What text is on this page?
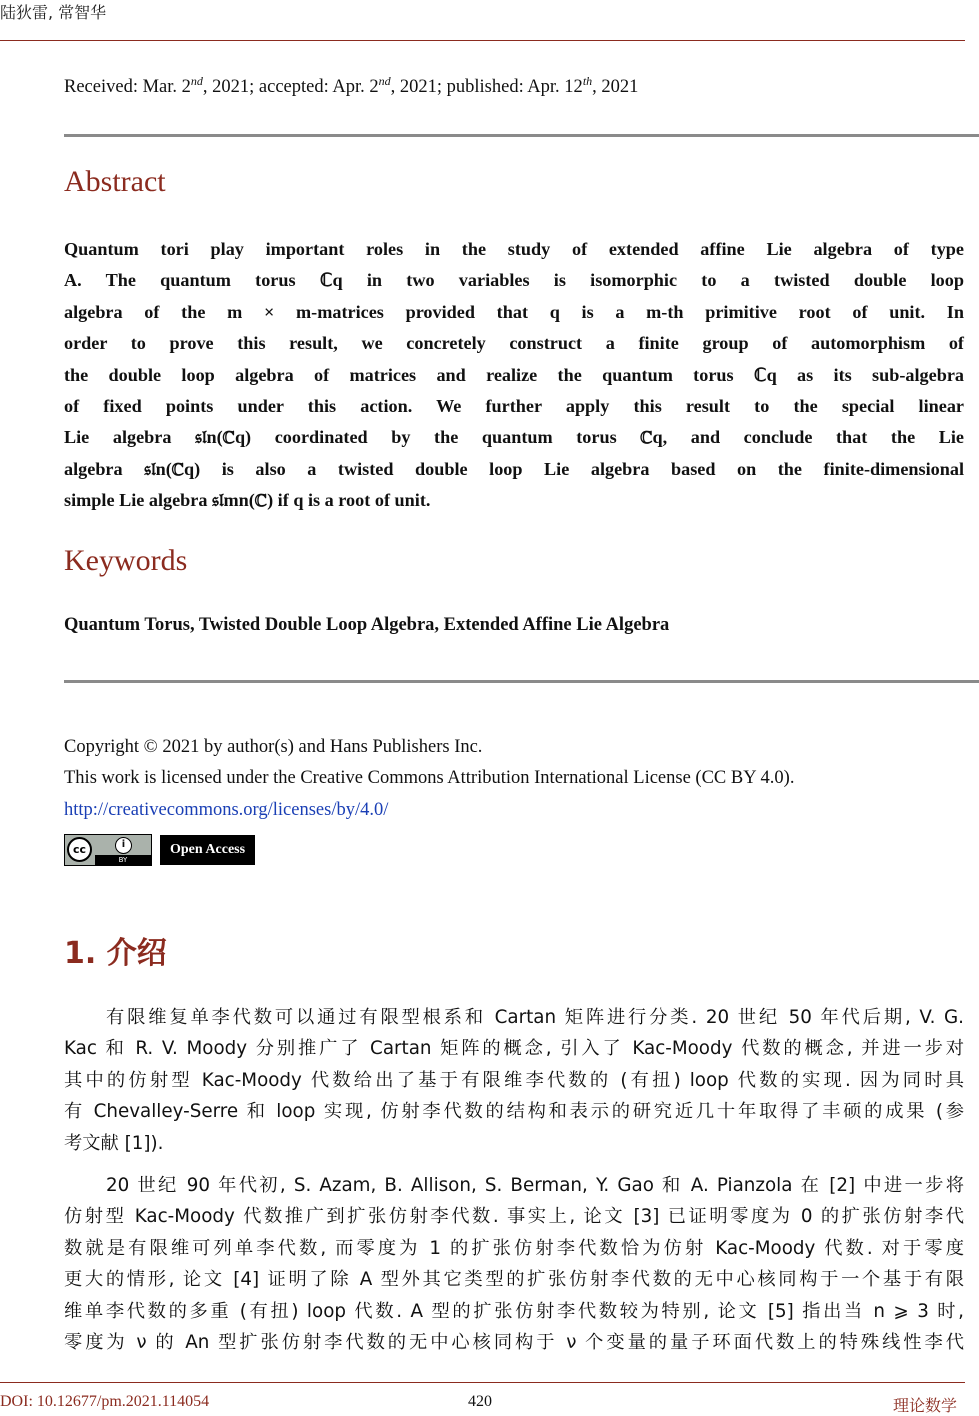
陆狄雷, 常智华
Received: Mar. 2nd, 2021; accepted: Apr. 2nd, 2021; published: Apr. 12th, 2021
Abstract
Quantum tori play important roles in the study of extended affine Lie algebra of type
A. The quantum torus ℂq in two variables is isomorphic to a twisted double loop
algebra of the m × m-matrices provided that q is a m-th primitive root of unit. In
order to prove this result, we concretely construct a finite group of automorphism of
the double loop algebra of matrices and realize the quantum torus ℂq as its sub-algebra
of fixed points under this action. We further apply this result to the special linear
Lie algebra 𝔰𝔩n(ℂq) coordinated by the quantum torus ℂq, and conclude that the Lie
algebra 𝔰𝔩n(ℂq) is also a twisted double loop Lie algebra based on the finite-dimensional
simple Lie algebra 𝔰𝔩mn(ℂ) if q is a root of unit.
Keywords
Quantum Torus, Twisted Double Loop Algebra, Extended Affine Lie Algebra
Copyright © 2021 by author(s) and Hans Publishers Inc.
This work is licensed under the Creative Commons Attribution International License (CC BY 4.0).
http://creativecommons.org/licenses/by/4.0/
cc	i
BY
Open Access
1. 介绍
有限维复单李代数可以通过有限型根系和 Cartan 矩阵进行分类. 20 世纪 50 年代后期, V. G.
Kac 和 R. V. Moody 分别推广了 Cartan 矩阵的概念, 引入了 Kac-Moody 代数的概念, 并进一步对
其中的仿射型 Kac-Moody 代数给出了基于有限维李代数的 (有扭) loop 代数的实现. 因为同时具
有 Chevalley-Serre 和 loop 实现, 仿射李代数的结构和表示的研究近几十年取得了丰硕的成果 (参
考文献 [1]).
20 世纪 90 年代初, S. Azam, B. Allison, S. Berman, Y. Gao 和 A. Pianzola 在 [2] 中进一步将
仿射型 Kac-Moody 代数推广到扩张仿射李代数. 事实上, 论文 [3] 已证明零度为 0 的扩张仿射李代
数就是有限维可列单李代数, 而零度为 1 的扩张仿射李代数恰为仿射 Kac-Moody 代数. 对于零度
更大的情形, 论文 [4] 证明了除 A 型外其它类型的扩张仿射李代数的无中心核同构于一个基于有限
维单李代数的多重 (有扭) loop 代数. A 型的扩张仿射李代数较为特别, 论文 [5] 指出当 n ⩾ 3 时,
零度为 ν 的 An 型扩张仿射李代数的无中心核同构于 ν 个变量的量子环面代数上的特殊线性李代
DOI: 10.12677/pm.2021.114054	420	理论数学
